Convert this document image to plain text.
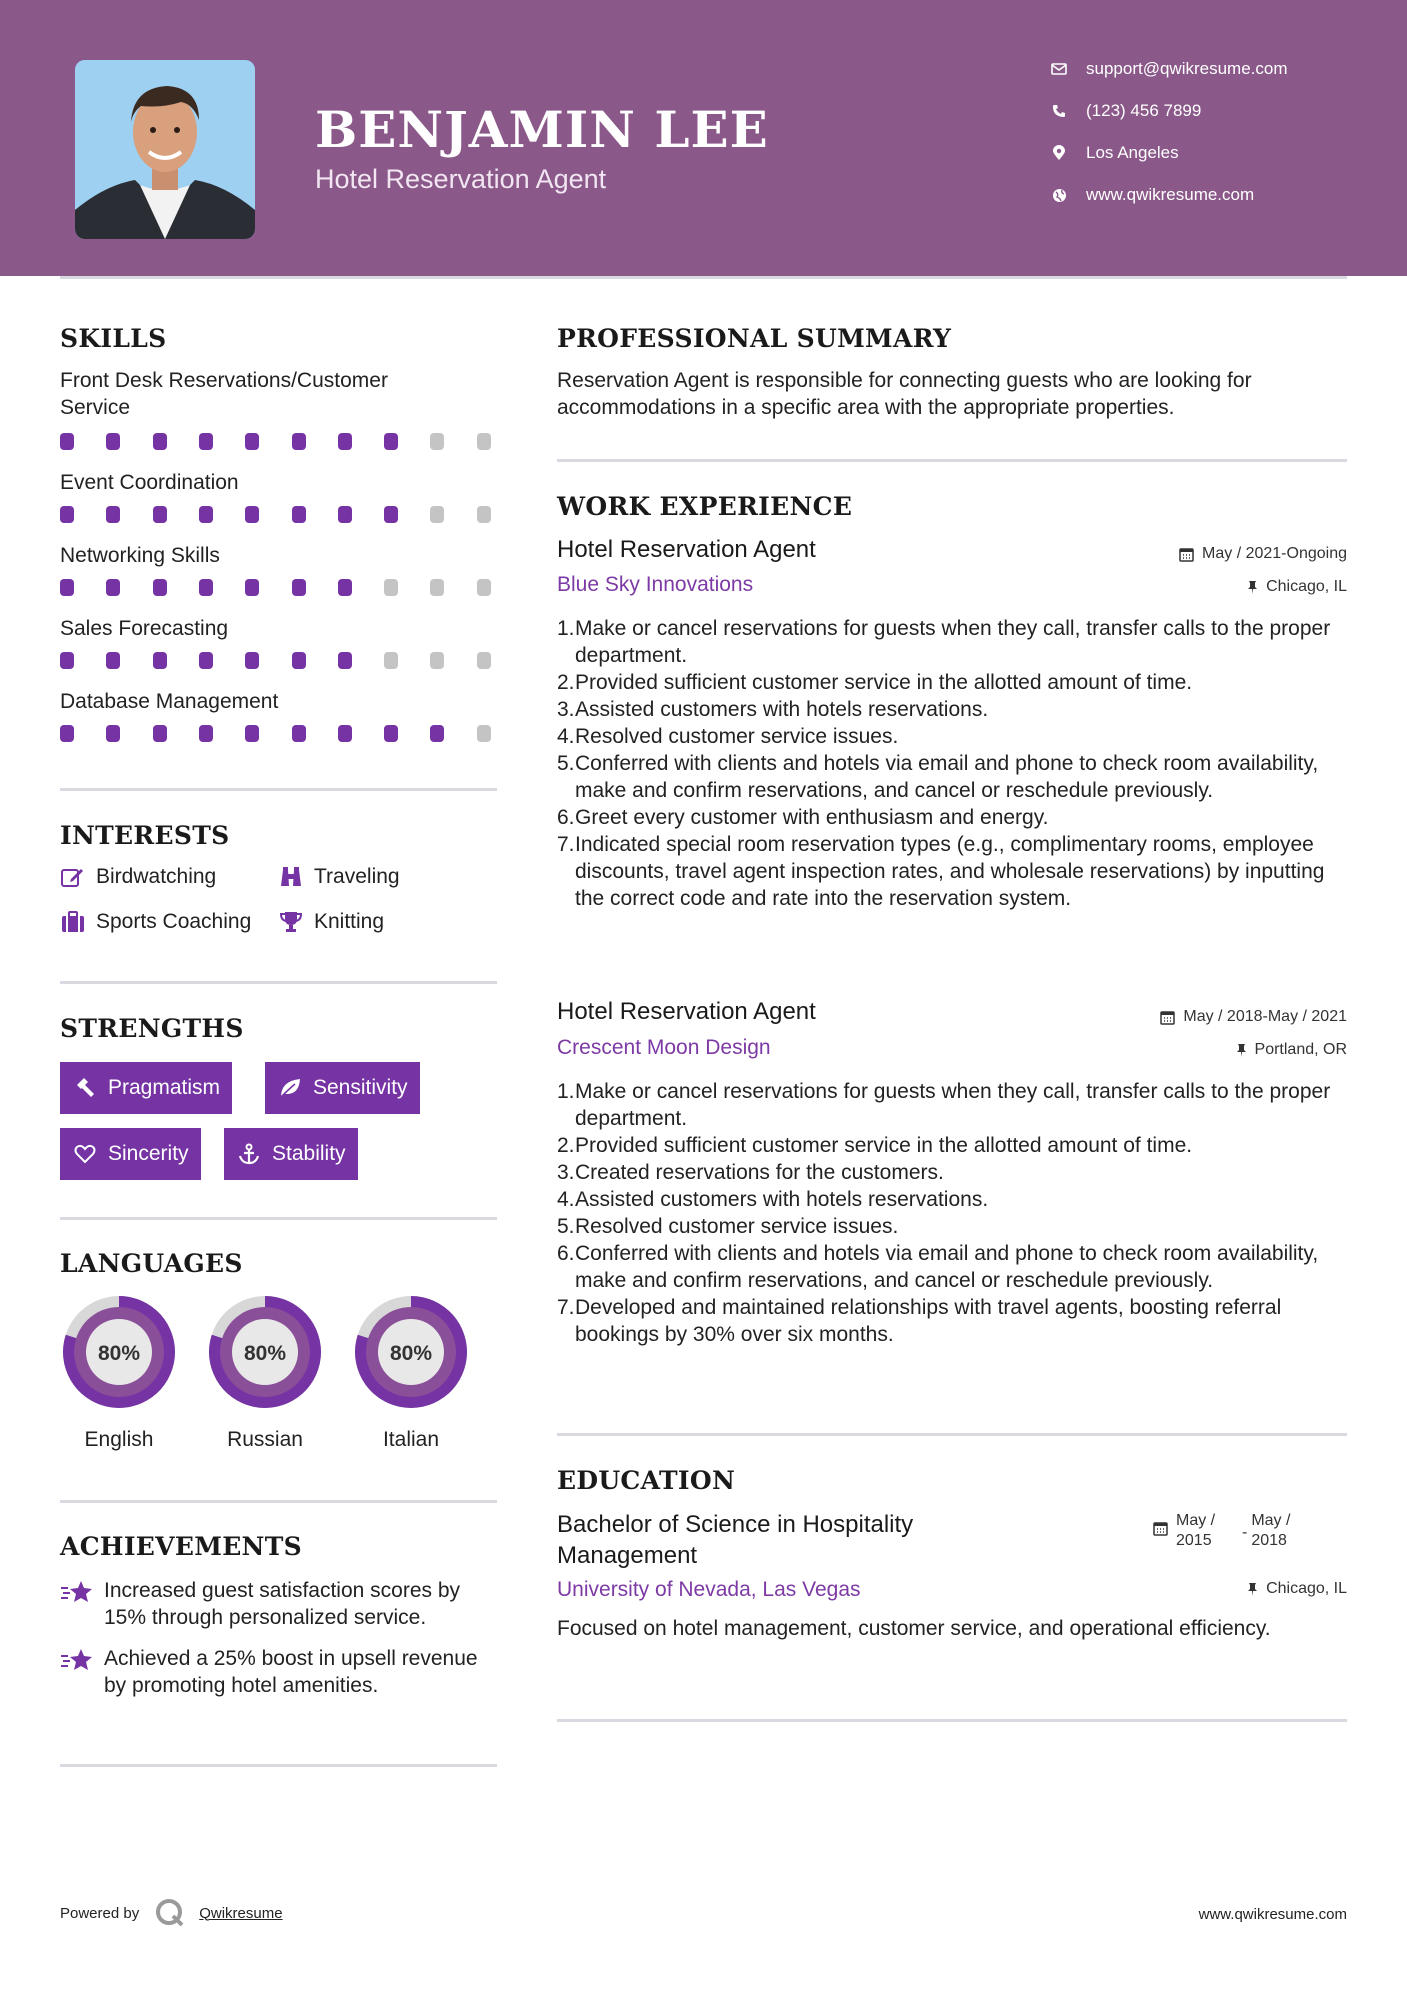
BENJAMIN LEE
Hotel Reservation Agent
support@qwikresume.com
(123) 456 7899
Los Angeles
www.qwikresume.com
SKILLS
Front Desk Reservations/Customer Service
Event Coordination
Networking Skills
Sales Forecasting
Database Management
INTERESTS
Birdwatching	Traveling
Sports Coaching	Knitting
STRENGTHS
Pragmatism	Sensitivity
Sincerity	Stability
LANGUAGES
80%
English
80%
Russian
80%
Italian
ACHIEVEMENTS
Increased guest satisfaction scores by 15% through personalized service.
Achieved a 25% boost in upsell revenue by promoting hotel amenities.
PROFESSIONAL SUMMARY
Reservation Agent is responsible for connecting guests who are looking for accommodations in a specific area with the appropriate properties.
WORK EXPERIENCE
Hotel Reservation Agent	May / 2021-Ongoing
Blue Sky Innovations	Chicago, IL
1. Make or cancel reservations for guests when they call, transfer calls to the proper department.
2. Provided sufficient customer service in the allotted amount of time.
3. Assisted customers with hotels reservations.
4. Resolved customer service issues.
5. Conferred with clients and hotels via email and phone to check room availability, make and confirm reservations, and cancel or reschedule previously.
6. Greet every customer with enthusiasm and energy.
7. Indicated special room reservation types (e.g., complimentary rooms, employee discounts, travel agent inspection rates, and wholesale reservations) by inputting the correct code and rate into the reservation system.
Hotel Reservation Agent	May / 2018-May / 2021
Crescent Moon Design	Portland, OR
1. Make or cancel reservations for guests when they call, transfer calls to the proper department.
2. Provided sufficient customer service in the allotted amount of time.
3. Created reservations for the customers.
4. Assisted customers with hotels reservations.
5. Resolved customer service issues.
6. Conferred with clients and hotels via email and phone to check room availability, make and confirm reservations, and cancel or reschedule previously.
7. Developed and maintained relationships with travel agents, boosting referral bookings by 30% over six months.
EDUCATION
Bachelor of Science in Hospitality Management
May / 2015	-
May / 2018
University of Nevada, Las Vegas	Chicago, IL
Focused on hotel management, customer service, and operational efficiency.
Powered by	Qwikresume	www.qwikresume.com
